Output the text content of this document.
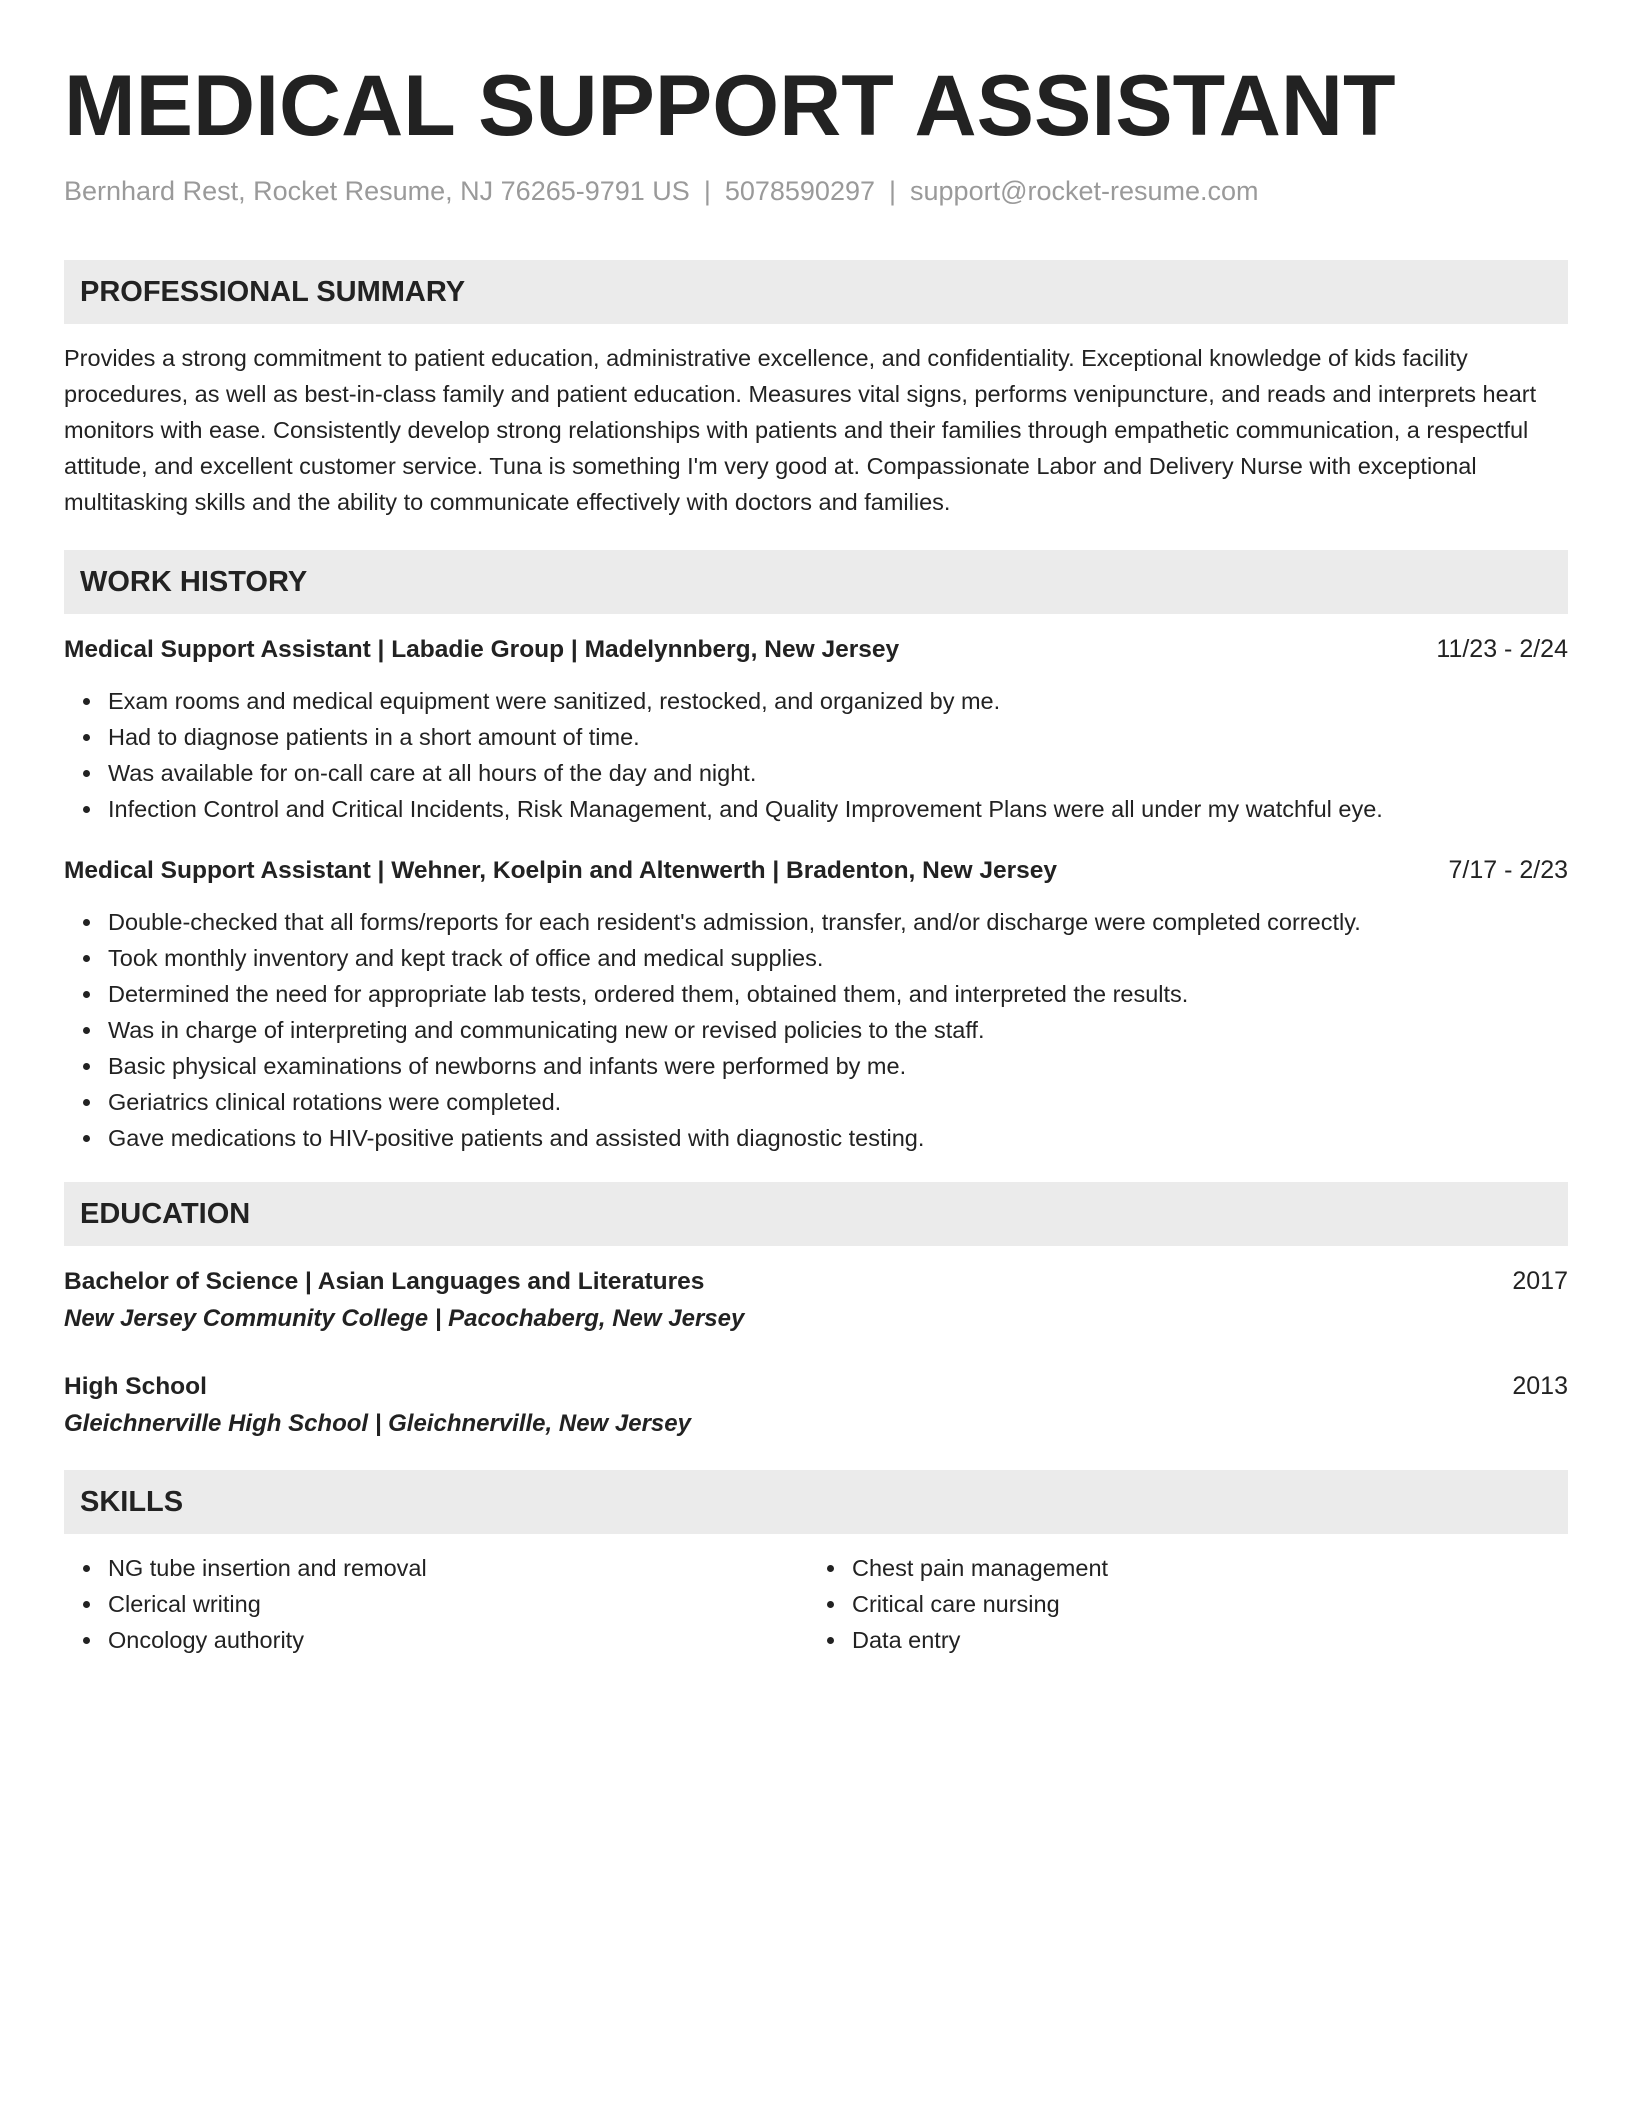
MEDICAL SUPPORT ASSISTANT
Bernhard Rest, Rocket Resume, NJ 76265-9791 US | 5078590297 | support@rocket-resume.com
PROFESSIONAL SUMMARY
Provides a strong commitment to patient education, administrative excellence, and confidentiality. Exceptional knowledge of kids facility procedures, as well as best-in-class family and patient education. Measures vital signs, performs venipuncture, and reads and interprets heart monitors with ease. Consistently develop strong relationships with patients and their families through empathetic communication, a respectful attitude, and excellent customer service. Tuna is something I'm very good at. Compassionate Labor and Delivery Nurse with exceptional multitasking skills and the ability to communicate effectively with doctors and families.
WORK HISTORY
Medical Support Assistant | Labadie Group | Madelynnberg, New Jersey	11/23 - 2/24
Exam rooms and medical equipment were sanitized, restocked, and organized by me.
Had to diagnose patients in a short amount of time.
Was available for on-call care at all hours of the day and night.
Infection Control and Critical Incidents, Risk Management, and Quality Improvement Plans were all under my watchful eye.
Medical Support Assistant | Wehner, Koelpin and Altenwerth | Bradenton, New Jersey	7/17 - 2/23
Double-checked that all forms/reports for each resident's admission, transfer, and/or discharge were completed correctly.
Took monthly inventory and kept track of office and medical supplies.
Determined the need for appropriate lab tests, ordered them, obtained them, and interpreted the results.
Was in charge of interpreting and communicating new or revised policies to the staff.
Basic physical examinations of newborns and infants were performed by me.
Geriatrics clinical rotations were completed.
Gave medications to HIV-positive patients and assisted with diagnostic testing.
EDUCATION
Bachelor of Science | Asian Languages and Literatures	2017
New Jersey Community College | Pacochaberg, New Jersey
High School	2013
Gleichnerville High School | Gleichnerville, New Jersey
SKILLS
NG tube insertion and removal
Clerical writing
Oncology authority
Chest pain management
Critical care nursing
Data entry
